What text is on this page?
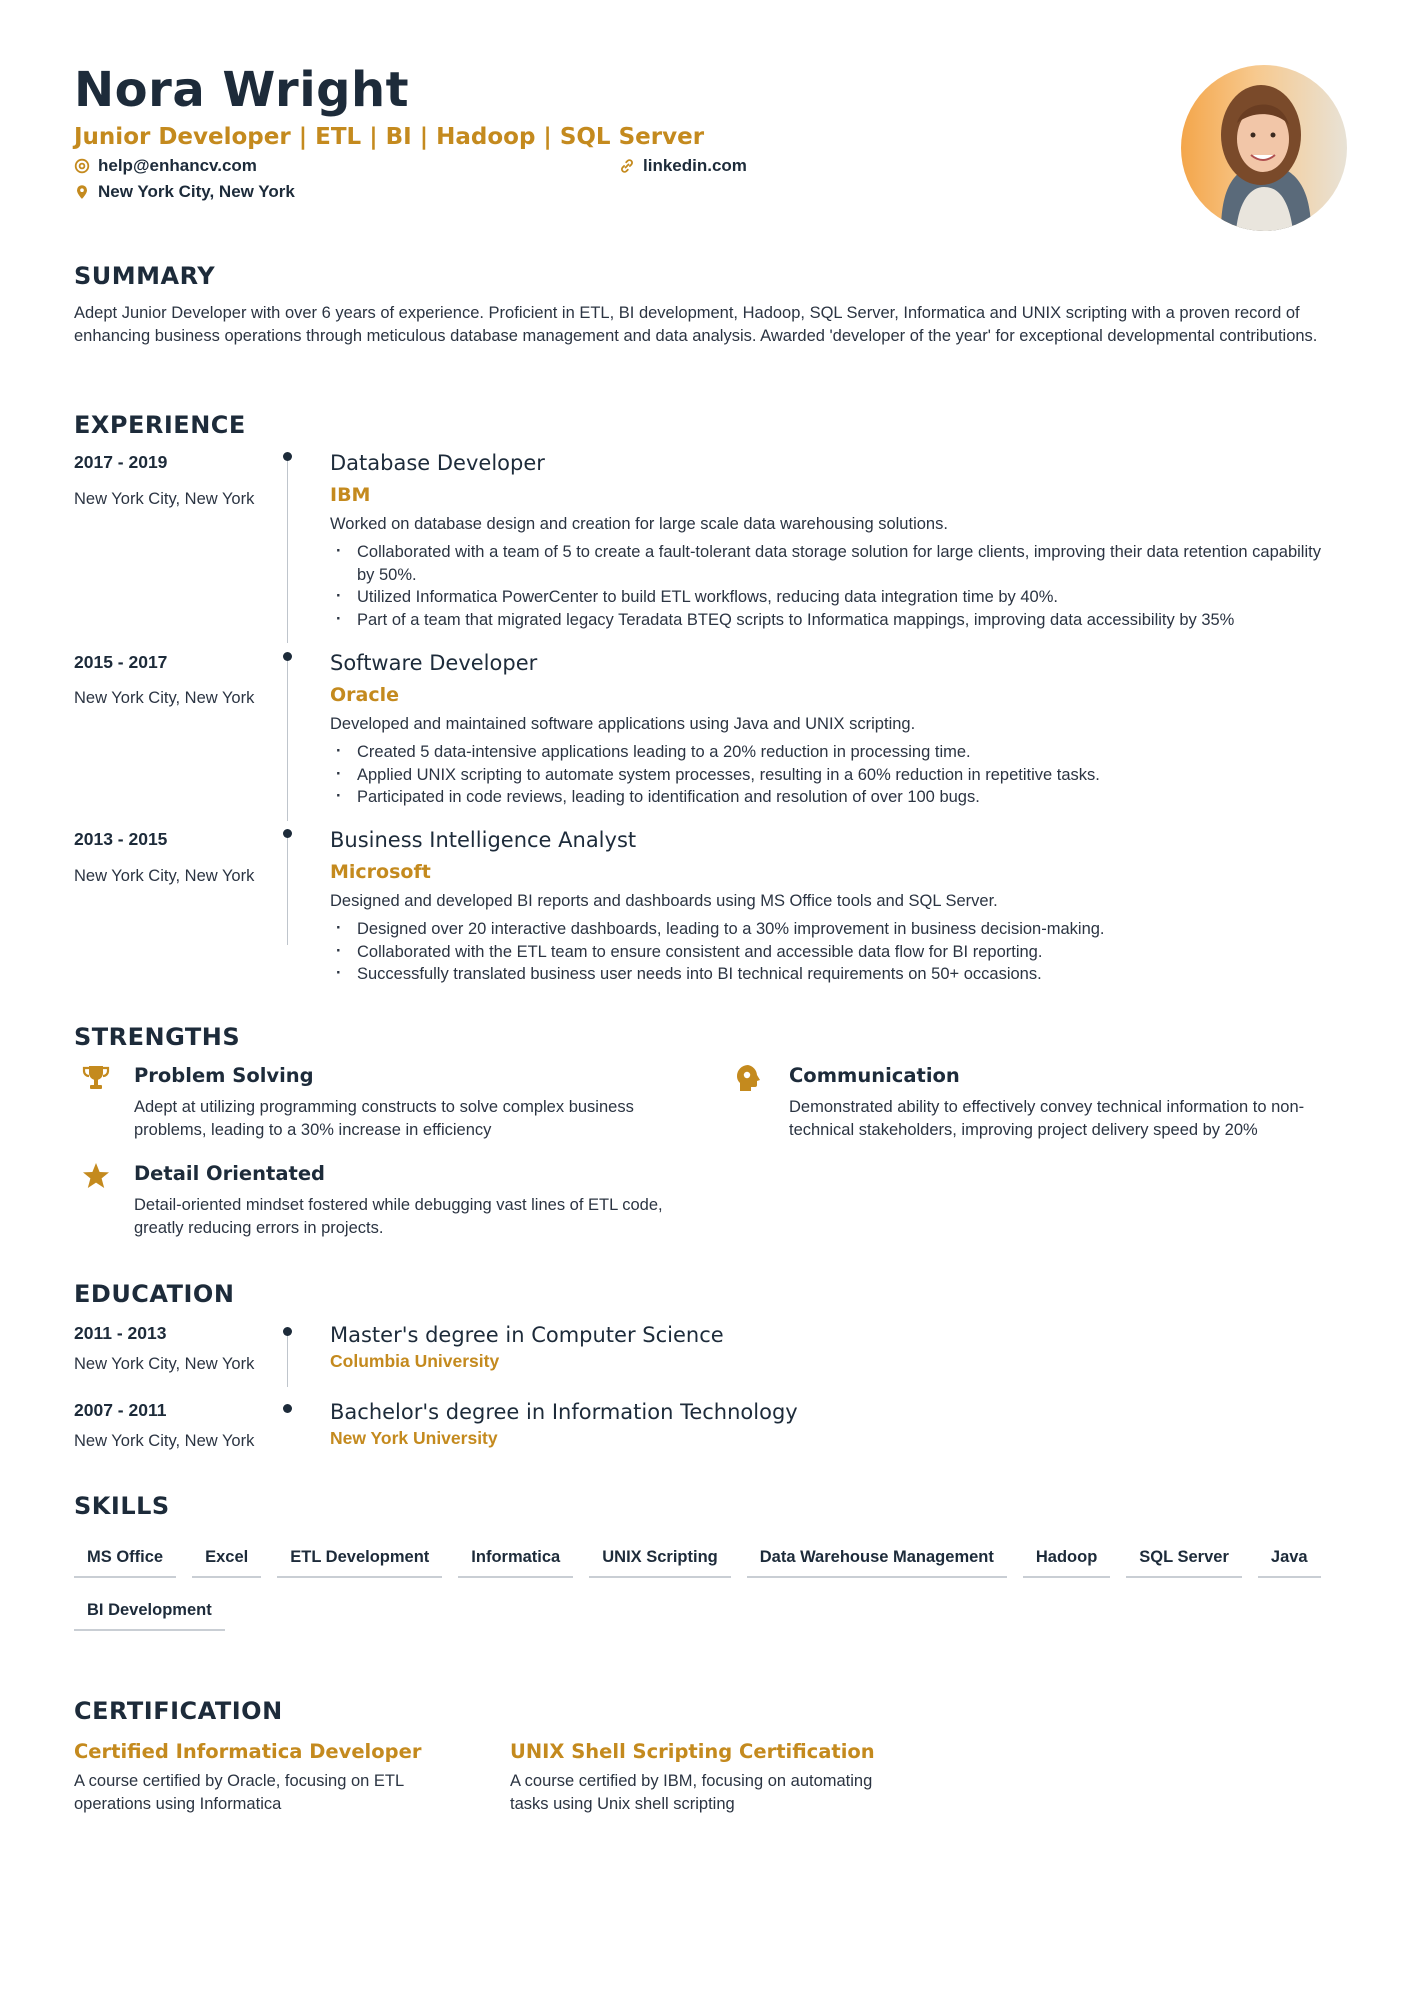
Nora Wright
Junior Developer | ETL | BI | Hadoop | SQL Server
help@enhancv.com	linkedin.com
New York City, New York
SUMMARY
Adept Junior Developer with over 6 years of experience. Proficient in ETL, BI development, Hadoop, SQL Server, Informatica and UNIX scripting with a proven record of enhancing business operations through meticulous database management and data analysis. Awarded 'developer of the year' for exceptional developmental contributions.
EXPERIENCE
2017 - 2019
New York City, New York
Database Developer
IBM
Worked on database design and creation for large scale data warehousing solutions.
· Collaborated with a team of 5 to create a fault-tolerant data storage solution for large clients, improving their data retention capability by 50%.
· Utilized Informatica PowerCenter to build ETL workflows, reducing data integration time by 40%.
· Part of a team that migrated legacy Teradata BTEQ scripts to Informatica mappings, improving data accessibility by 35%
2015 - 2017
New York City, New York
Software Developer
Oracle
Developed and maintained software applications using Java and UNIX scripting.
· Created 5 data-intensive applications leading to a 20% reduction in processing time.
· Applied UNIX scripting to automate system processes, resulting in a 60% reduction in repetitive tasks.
· Participated in code reviews, leading to identification and resolution of over 100 bugs.
2013 - 2015
New York City, New York
Business Intelligence Analyst
Microsoft
Designed and developed BI reports and dashboards using MS Office tools and SQL Server.
· Designed over 20 interactive dashboards, leading to a 30% improvement in business decision-making.
· Collaborated with the ETL team to ensure consistent and accessible data flow for BI reporting.
· Successfully translated business user needs into BI technical requirements on 50+ occasions.
STRENGTHS
Problem Solving
Adept at utilizing programming constructs to solve complex business problems, leading to a 30% increase in efficiency
Communication
Demonstrated ability to effectively convey technical information to non-technical stakeholders, improving project delivery speed by 20%
Detail Orientated
Detail-oriented mindset fostered while debugging vast lines of ETL code, greatly reducing errors in projects.
EDUCATION
2011 - 2013
New York City, New York
Master's degree in Computer Science
Columbia University
2007 - 2011
New York City, New York
Bachelor's degree in Information Technology
New York University
SKILLS
MS Office	Excel	ETL Development	Informatica	UNIX Scripting	Data Warehouse Management	Hadoop	SQL Server	Java
BI Development
CERTIFICATION
Certified Informatica Developer
A course certified by Oracle, focusing on ETL operations using Informatica
UNIX Shell Scripting Certification
A course certified by IBM, focusing on automating tasks using Unix shell scripting
